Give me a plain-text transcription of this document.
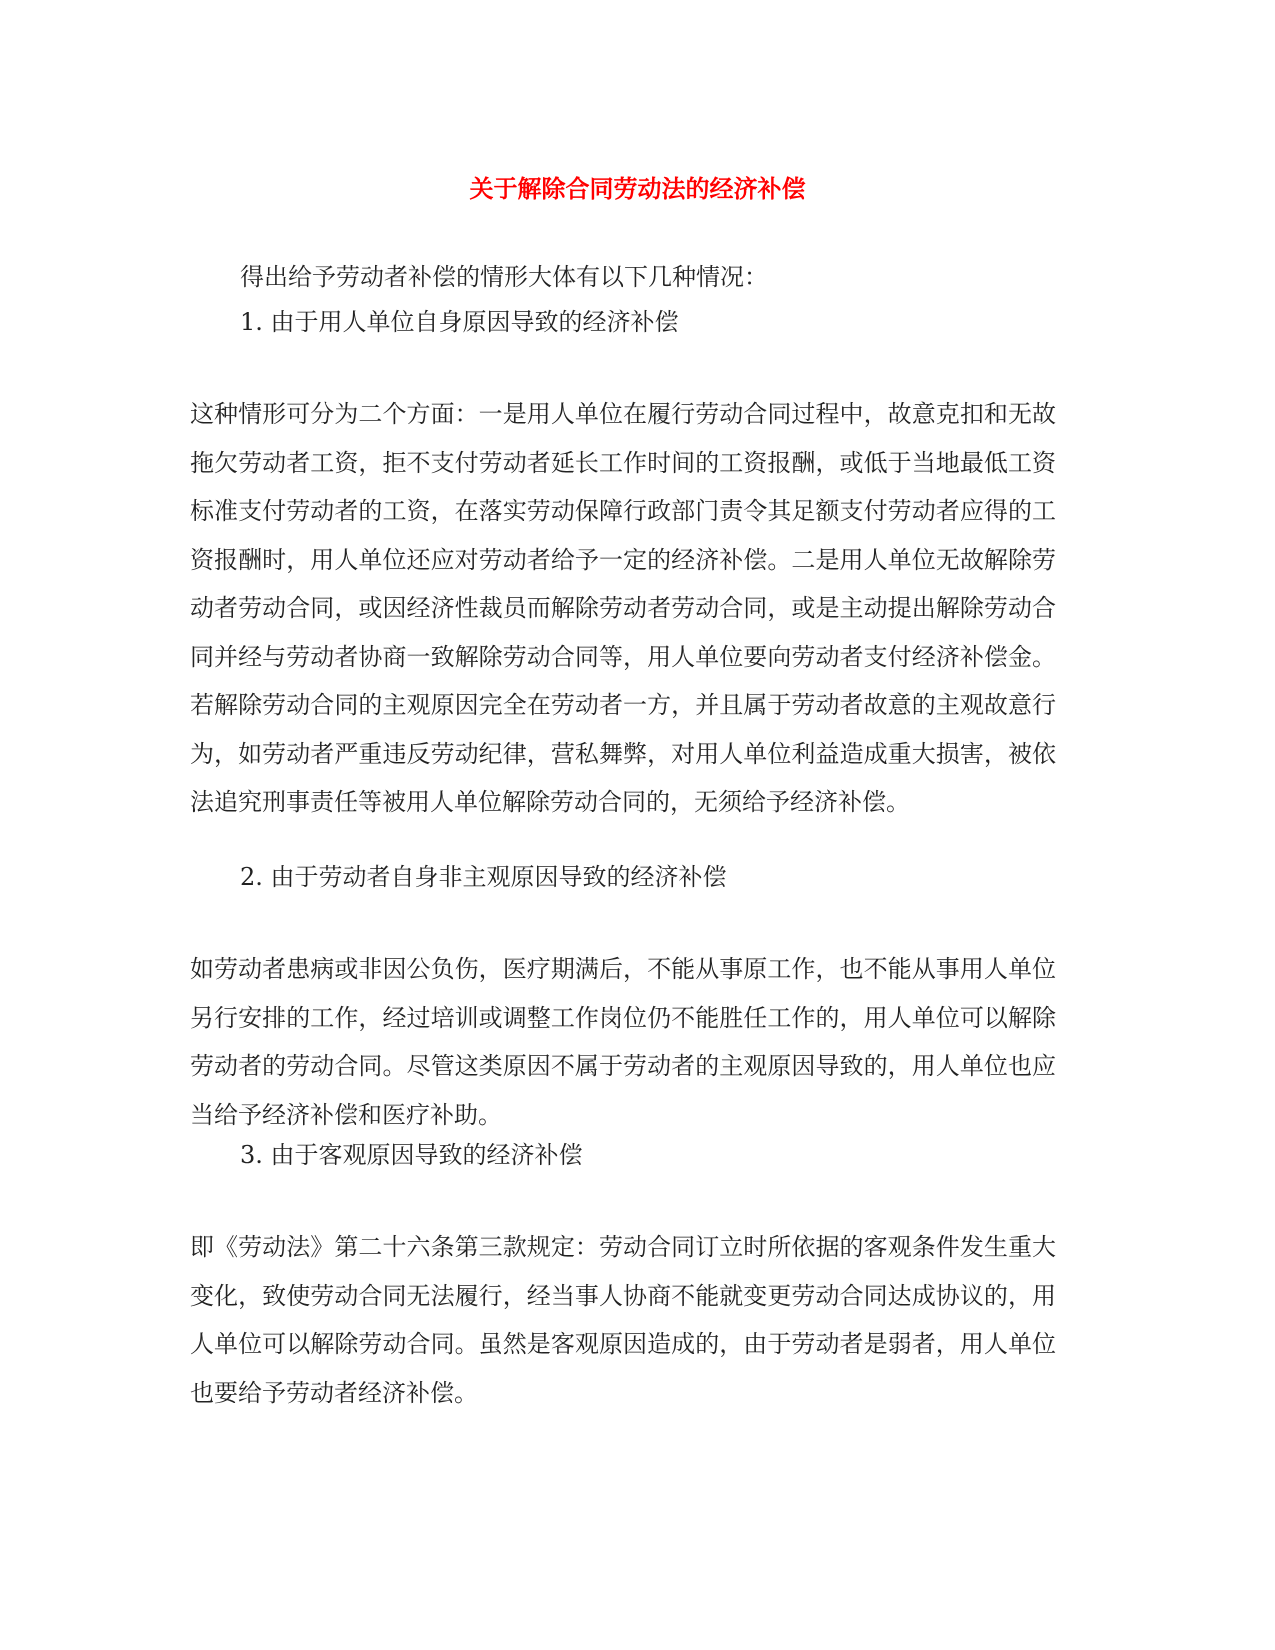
关于解除合同劳动法的经济补偿

得出给予劳动者补偿的情形大体有以下几种情况：

1. 由于用人单位自身原因导致的经济补偿

这种情形可分为二个方面：一是用人单位在履行劳动合同过程中，故意克扣和无故拖欠劳动者工资，拒不支付劳动者延长工作时间的工资报酬，或低于当地最低工资标准支付劳动者的工资，在落实劳动保障行政部门责令其足额支付劳动者应得的工资报酬时，用人单位还应对劳动者给予一定的经济补偿。二是用人单位无故解除劳动者劳动合同，或因经济性裁员而解除劳动者劳动合同，或是主动提出解除劳动合同并经与劳动者协商一致解除劳动合同等，用人单位要向劳动者支付经济补偿金。若解除劳动合同的主观原因完全在劳动者一方，并且属于劳动者故意的主观故意行为，如劳动者严重违反劳动纪律，营私舞弊，对用人单位利益造成重大损害，被依法追究刑事责任等被用人单位解除劳动合同的，无须给予经济补偿。

2. 由于劳动者自身非主观原因导致的经济补偿

如劳动者患病或非因公负伤，医疗期满后，不能从事原工作，也不能从事用人单位另行安排的工作，经过培训或调整工作岗位仍不能胜任工作的，用人单位可以解除劳动者的劳动合同。尽管这类原因不属于劳动者的主观原因导致的，用人单位也应当给予经济补偿和医疗补助。

3. 由于客观原因导致的经济补偿

即《劳动法》第二十六条第三款规定：劳动合同订立时所依据的客观条件发生重大变化，致使劳动合同无法履行，经当事人协商不能就变更劳动合同达成协议的，用人单位可以解除劳动合同。虽然是客观原因造成的，由于劳动者是弱者，用人单位也要给予劳动者经济补偿。
